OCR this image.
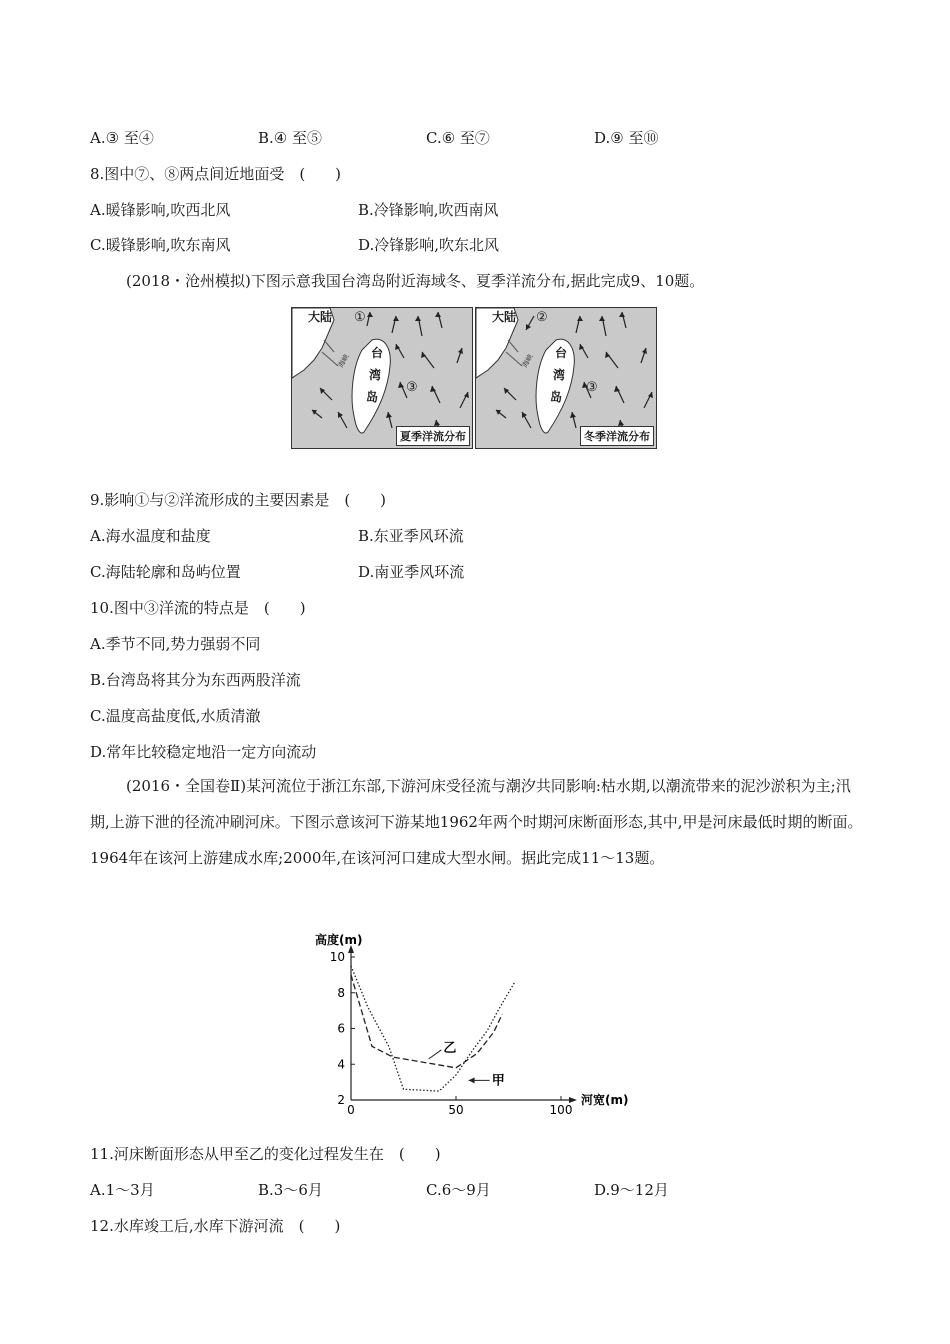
A.③ 至④	B.④ 至⑤	C.⑥ 至⑦	D.⑨ 至⑩
8.图中⑦、⑧两点间近地面受　(　　)
A.暖锋影响,吹西北风	B.冷锋影响,吹西南风
C.暖锋影响,吹东南风	D.冷锋影响,吹东北风
(2018・沧州模拟)下图示意我国台湾岛附近海域冬、夏季洋流分布,据此完成9、10题。
海峡
大陆
台
湾
岛
①
③
夏季洋流分布
海峡
大陆
台
湾
岛
②
③
冬季洋流分布
9.影响①与②洋流形成的主要因素是　(　　)
A.海水温度和盐度	B.东亚季风环流
C.海陆轮廓和岛屿位置	D.南亚季风环流
10.图中③洋流的特点是　(　　)
A.季节不同,势力强弱不同
B.台湾岛将其分为东西两股洋流
C.温度高盐度低,水质清澈
D.常年比较稳定地沿一定方向流动
(2016・全国卷Ⅱ)某河流位于浙江东部,下游河床受径流与潮汐共同影响:枯水期,以潮流带来的泥沙淤积为主;汛期,上游下泄的径流冲刷河床。下图示意该河下游某地1962年两个时期河床断面形态,其中,甲是河床最低时期的断面。1964年在该河上游建成水库;2000年,在该河河口建成大型水闸。据此完成11～13题。
2
4
6
8
10
0	50	100
高度(m)
河宽(m)
甲
乙
11.河床断面形态从甲至乙的变化过程发生在　(　　)
A.1～3月	B.3～6月	C.6～9月	D.9～12月
12.水库竣工后,水库下游河流　(　　)
